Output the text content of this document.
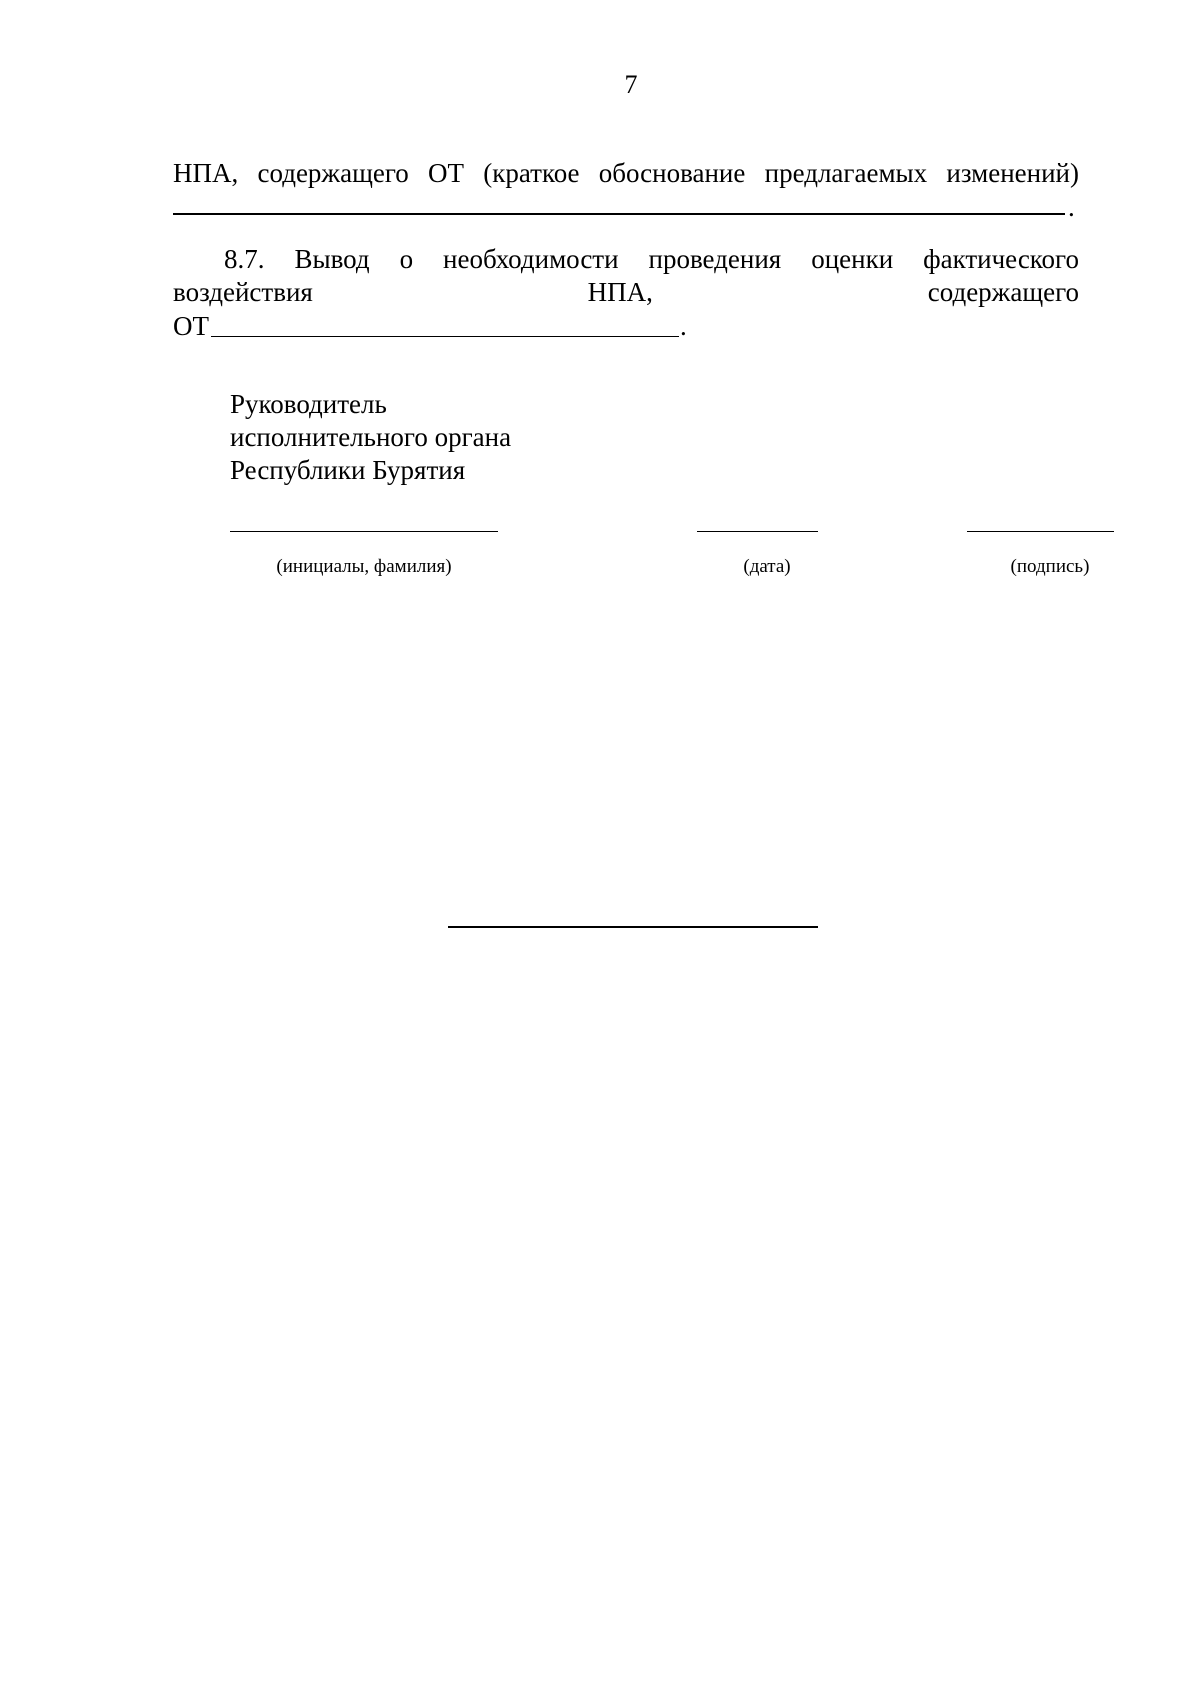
7
НПА, содержащего ОТ (краткое обоснование предлагаемых изменений)
.
8.7. Вывод о необходимости проведения оценки фактического
воздействия	НПА,	содержащего
ОТ	.
Руководитель
исполнительного органа
Республики Бурятия
(инициалы, фамилия)	(дата)	(подпись)
